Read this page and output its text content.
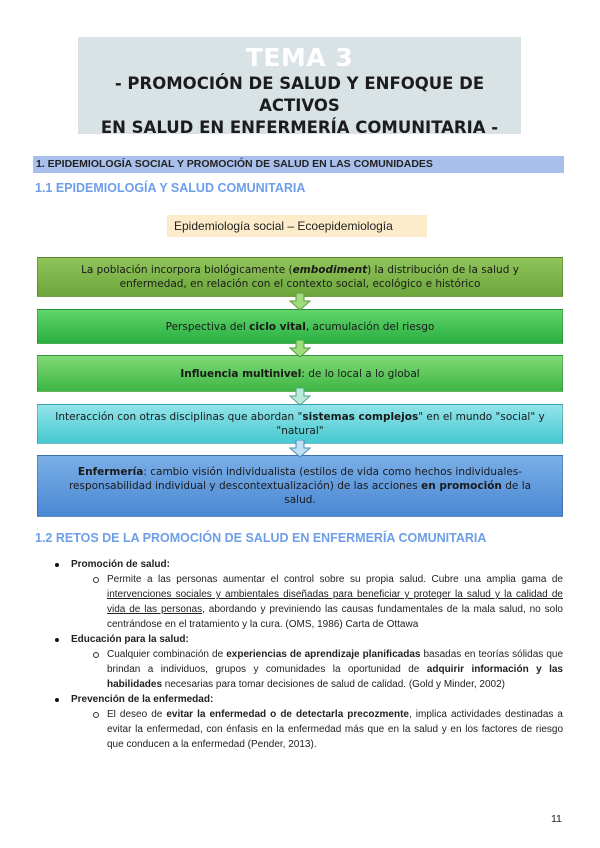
TEMA 3
- PROMOCIÓN DE SALUD Y ENFOQUE DE ACTIVOS
EN SALUD EN ENFERMERÍA COMUNITARIA -
1. EPIDEMIOLOGÍA SOCIAL Y PROMOCIÓN DE SALUD EN LAS COMUNIDADES
1.1 EPIDEMIOLOGÍA Y SALUD COMUNITARIA
Epidemiología social – Ecoepidemiología
La población incorpora biológicamente (embodiment) la distribución de la salud y enfermedad, en relación con el contexto social, ecológico e histórico
Perspectiva del ciclo vital, acumulación del riesgo
Influencia multinivel: de lo local a lo global
Interacción con otras disciplinas que abordan "sistemas complejos" en el mundo "social" y "natural"
Enfermería: cambio visión individualista (estilos de vida como hechos individuales-responsabilidad individual y descontextualización) de las acciones en promoción de la salud.
1.2 RETOS DE LA PROMOCIÓN DE SALUD EN ENFERMERÍA COMUNITARIA
Promoción de salud:
Permite a las personas aumentar el control sobre su propia salud. Cubre una amplia gama de intervenciones sociales y ambientales diseñadas para beneficiar y proteger la salud y la calidad de vida de las personas, abordando y previniendo las causas fundamentales de la mala salud, no solo centrándose en el tratamiento y la cura. (OMS, 1986) Carta de Ottawa
Educación para la salud:
Cualquier combinación de experiencias de aprendizaje planificadas basadas en teorías sólidas que brindan a individuos, grupos y comunidades la oportunidad de adquirir información y las habilidades necesarias para tomar decisiones de salud de calidad. (Gold y Minder, 2002)
Prevención de la enfermedad:
El deseo de evitar la enfermedad o de detectarla precozmente, implica actividades destinadas a evitar la enfermedad, con énfasis en la enfermedad más que en la salud y en los factores de riesgo que conducen a la enfermedad (Pender, 2013).
11
